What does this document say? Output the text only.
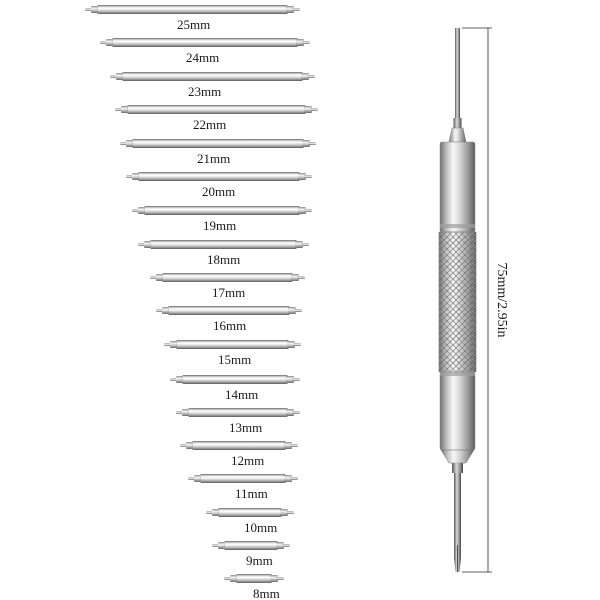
25mm
24mm
23mm
22mm
21mm
20mm
19mm
18mm
17mm
16mm
15mm
14mm
13mm
12mm
11mm
10mm
9mm
8mm
75mm/2.95in
